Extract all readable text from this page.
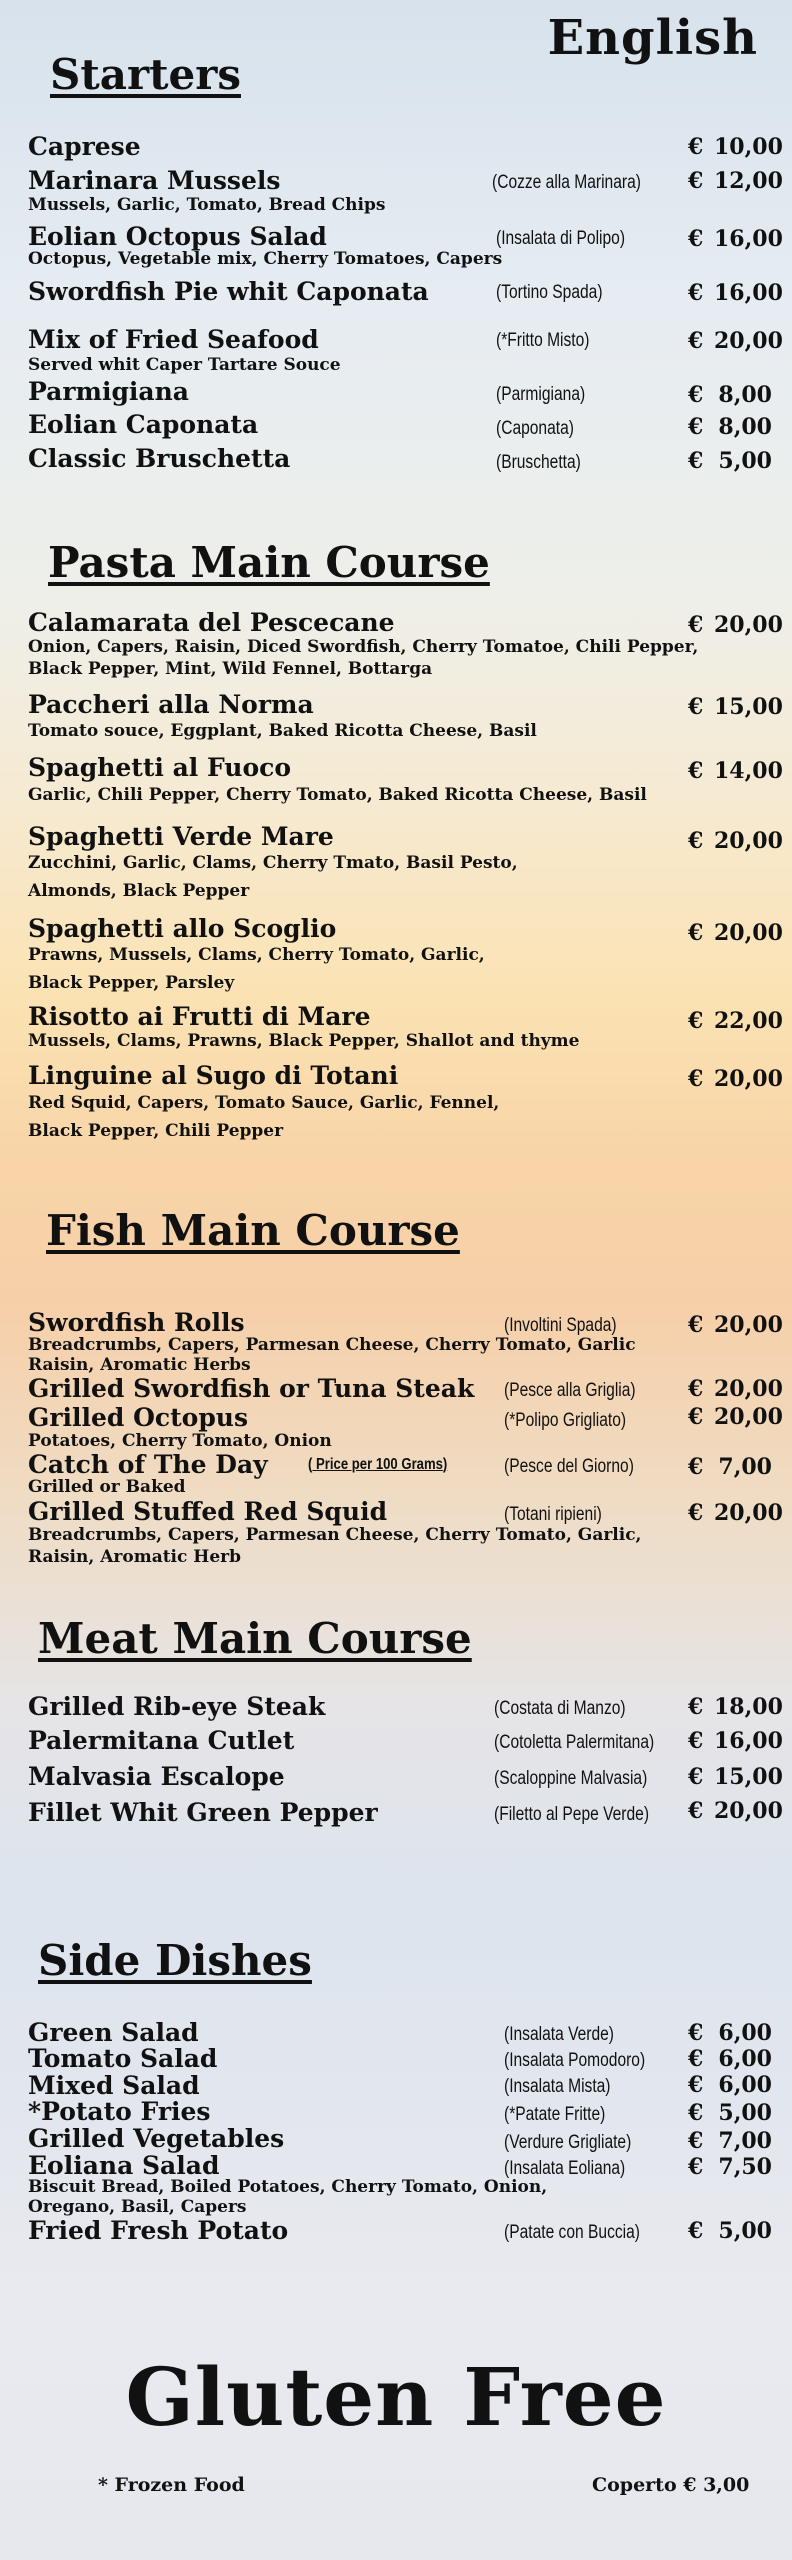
English
Starters
Caprese	€ 10,00
Marinara Mussels	(Cozze alla Marinara) € 12,00
Mussels, Garlic, Tomato, Bread Chips
Eolian Octopus Salad	(Insalata di Polipo)	€ 16,00
Octopus, Vegetable mix, Cherry Tomatoes, Capers
Swordfish Pie whit Caponata	(Tortino Spada)	€ 16,00
Mix of Fried Seafood	(*Fritto Misto)	€ 20,00
Served whit Caper Tartare Souce
Parmigiana	(Parmigiana)	€ 8,00
Eolian Caponata	(Caponata)	€ 8,00
Classic Bruschetta	(Bruschetta)	€ 5,00
Pasta Main Course
Calamarata del Pescecane	€ 20,00
Onion, Capers, Raisin, Diced Swordfish, Cherry Tomatoe, Chili Pepper,
Black Pepper, Mint, Wild Fennel, Bottarga
Paccheri alla Norma	€ 15,00
Tomato souce, Eggplant, Baked Ricotta Cheese, Basil
Spaghetti al Fuoco	€ 14,00
Garlic, Chili Pepper, Cherry Tomato, Baked Ricotta Cheese, Basil
Spaghetti Verde Mare	€ 20,00
Zucchini, Garlic, Clams, Cherry Tmato, Basil Pesto,
Almonds, Black Pepper
Spaghetti allo Scoglio	€ 20,00
Prawns, Mussels, Clams, Cherry Tomato, Garlic,
Black Pepper, Parsley
Risotto ai Frutti di Mare	€ 22,00
Mussels, Clams, Prawns, Black Pepper, Shallot and thyme
Linguine al Sugo di Totani	€ 20,00
Red Squid, Capers, Tomato Sauce, Garlic, Fennel,
Black Pepper, Chili Pepper
Fish Main Course
Swordfish Rolls	(Involtini Spada)	€ 20,00
Breadcrumbs, Capers, Parmesan Cheese, Cherry Tomato, Garlic
Raisin, Aromatic Herbs
Grilled Swordfish or Tuna Steak (Pesce alla Griglia) € 20,00
Grilled Octopus	(*Polipo Grigliato)	€ 20,00
Potatoes, Cherry Tomato, Onion
Catch of The Day	( Price per 100 Grams)	(Pesce del Giorno) € 7,00
Grilled or Baked
Grilled Stuffed Red Squid	(Totani ripieni)	€ 20,00
Breadcrumbs, Capers, Parmesan Cheese, Cherry Tomato, Garlic,
Raisin, Aromatic Herb
Meat Main Course
Grilled Rib-eye Steak	(Costata di Manzo)	€ 18,00
Palermitana Cutlet	(Cotoletta Palermitana) € 16,00
Malvasia Escalope	(Scaloppine Malvasia) € 15,00
Fillet Whit Green Pepper	(Filetto al Pepe Verde) € 20,00
Side Dishes
Green Salad	(Insalata Verde)	€ 6,00
Tomato Salad	(Insalata Pomodoro) € 6,00
Mixed Salad	(Insalata Mista)	€ 6,00
*Potato Fries	(*Patate Fritte)	€ 5,00
Grilled Vegetables	(Verdure Grigliate)	€ 7,00
Eoliana Salad	(Insalata Eoliana)	€ 7,50
Biscuit Bread, Boiled Potatoes, Cherry Tomato, Onion,
Oregano, Basil, Capers
Fried Fresh Potato	(Patate con Buccia) € 5,00
Gluten Free
* Frozen Food	Coperto € 3,00
